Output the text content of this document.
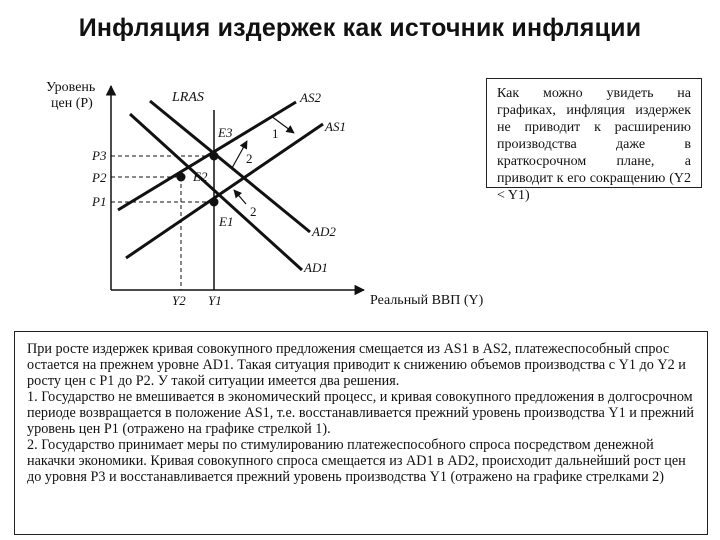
Инфляция издержек как источник инфляции
Уровень
цен (P)
Реальный ВВП (Y)
LRAS
AS1
AS2
AD1
AD2
E3
E2
E1
P3
P2
P1
Y2 Y1
1
2
2
Как можно увидеть на графиках, инфляция издержек не приводит к расширению производства даже в краткосрочном плане, а приводит к его сокращению (Y2 < Y1)

При росте издержек кривая совокупного предложения смещается из AS1 в AS2, платежеспособный спрос остается на прежнем уровне AD1. Такая ситуация приводит к снижению объемов производства с Y1 до Y2 и росту цен с P1 до P2. У такой ситуации имеется два решения.

1. Государство не вмешивается в экономический процесс, и кривая совокупного предложения в долгосрочном периоде возвращается в положение AS1, т.е. восстанавливается прежний уровень производства Y1 и прежний уровень цен P1 (отражено на графике стрелкой 1).

2. Государство принимает меры по стимулированию платежеспособного спроса посредством денежной накачки экономики. Кривая совокупного спроса смещается из AD1 в AD2, происходит дальнейший рост цен до уровня P3 и восстанавливается прежний уровень производства Y1 (отражено на графике стрелками 2)
